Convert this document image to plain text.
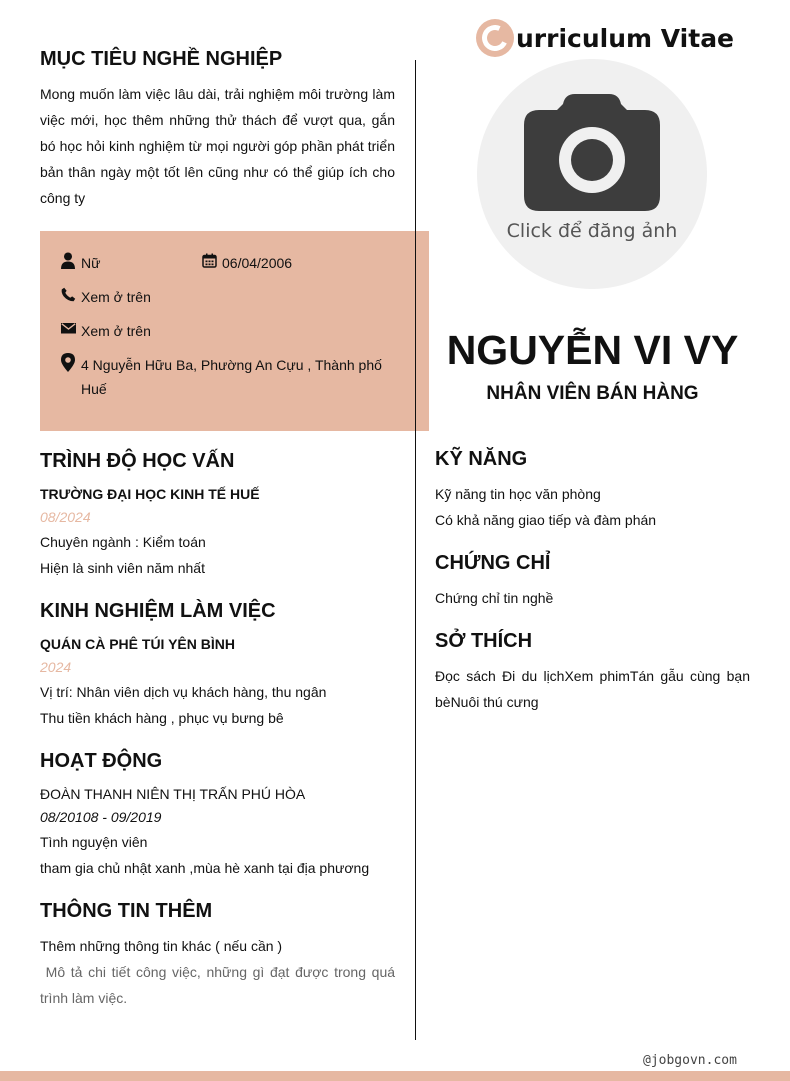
urriculum Vitae
Click để đăng ảnh
NGUYỄN VI VY
NHÂN VIÊN BÁN HÀNG
MỤC TIÊU NGHỀ NGHIỆP
Mong muốn làm việc lâu dài, trải nghiệm môi trường làm việc mới, học thêm những thử thách để vượt qua, gắn bó học hỏi kinh nghiệm từ mọi người góp phần phát triển bản thân ngày một tốt lên cũng như có thể giúp ích cho công ty
Nữ	06/04/2006
Xem ở trên
Xem ở trên
4 Nguyễn Hữu Ba, Phường An Cựu , Thành phố
Huế
TRÌNH ĐỘ HỌC VẤN
TRƯỜNG ĐẠI HỌC KINH TẾ HUẾ
08/2024
Chuyên ngành : Kiểm toán
Hiện là sinh viên năm nhất
KINH NGHIỆM LÀM VIỆC
QUÁN CÀ PHÊ TÚI YÊN BÌNH
2024
Vị trí: Nhân viên dịch vụ khách hàng, thu ngân
Thu tiền khách hàng , phục vụ bưng bê
HOẠT ĐỘNG
ĐOÀN THANH NIÊN THỊ TRẤN PHÚ HÒA
08/20108 - 09/2019
Tình nguyện viên
tham gia chủ nhật xanh ,mùa hè xanh tại địa phương
THÔNG TIN THÊM
Thêm những thông tin khác ( nếu cần )
Mô tả chi tiết công việc, những gì đạt được trong quá trình làm việc.
KỸ NĂNG
Kỹ năng tin học văn phòng
Có khả năng giao tiếp và đàm phán
CHỨNG CHỈ
Chứng chỉ tin nghề
SỞ THÍCH
Đọc sách Đi du lịchXem phimTán gẫu cùng bạn bèNuôi thú cưng
@jobgovn.com
